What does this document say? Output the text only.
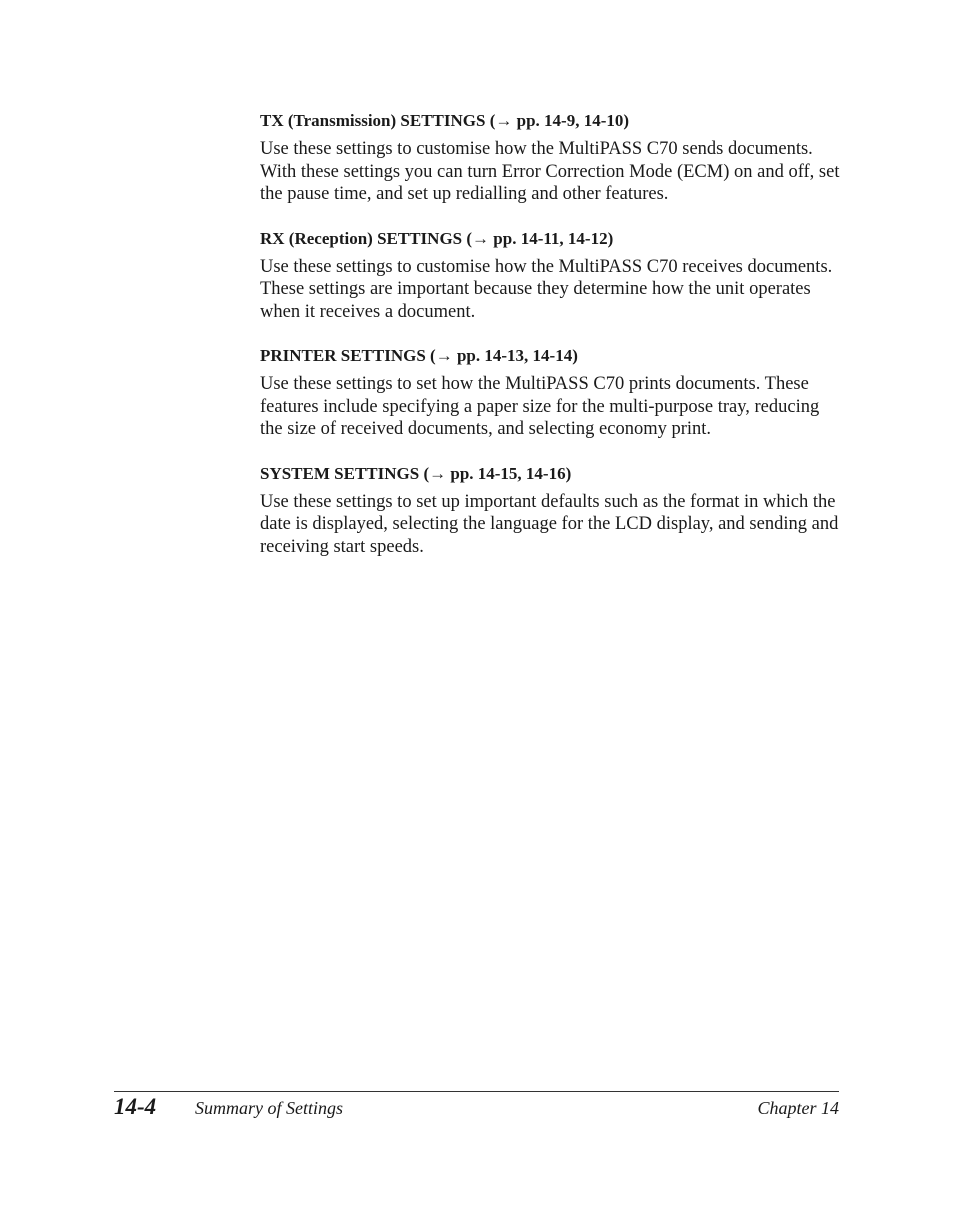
TX (Transmission) SETTINGS (→ pp. 14-9, 14-10)

Use these settings to customise how the MultiPASS C70 sends documents. With these settings you can turn Error Correction Mode (ECM) on and off, set the pause time, and set up redialling and other features.

RX (Reception) SETTINGS (→ pp. 14-11, 14-12)

Use these settings to customise how the MultiPASS C70 receives documents. These settings are important because they determine how the unit operates when it receives a document.

PRINTER SETTINGS (→ pp. 14-13, 14-14)

Use these settings to set how the MultiPASS C70 prints documents. These features include specifying a paper size for the multi-purpose tray, reducing the size of received documents, and selecting economy print.

SYSTEM SETTINGS (→ pp. 14-15, 14-16)

Use these settings to set up important defaults such as the format in which the date is displayed, selecting the language for the LCD display, and sending and receiving start speeds.

14-4 Summary of Settings	Chapter 14
